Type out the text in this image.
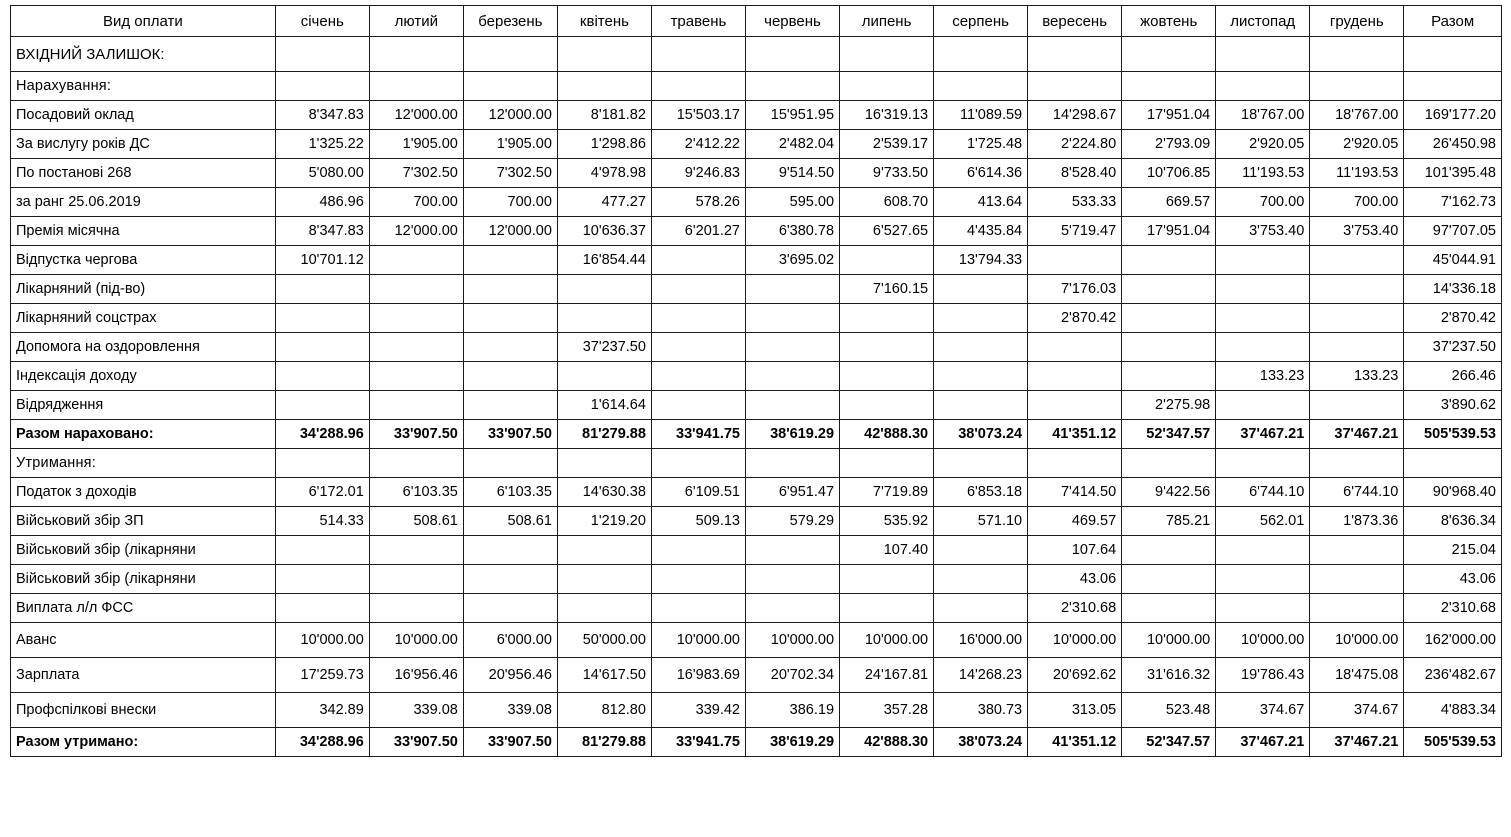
Вид оплати	січень	лютий	березень	квітень	травень	червень	липень	серпень	вересень	жовтень	листопад	грудень	Разом
ВХІДНИЙ ЗАЛИШОК:													
Нарахування:													
Посадовий оклад	8'347.83	12'000.00	12'000.00	8'181.82	15'503.17	15'951.95	16'319.13	11'089.59	14'298.67	17'951.04	18'767.00	18'767.00	169'177.20
За вислугу років ДС	1'325.22	1'905.00	1'905.00	1'298.86	2'412.22	2'482.04	2'539.17	1'725.48	2'224.80	2'793.09	2'920.05	2'920.05	26'450.98
По постанові 268	5'080.00	7'302.50	7'302.50	4'978.98	9'246.83	9'514.50	9'733.50	6'614.36	8'528.40	10'706.85	11'193.53	11'193.53	101'395.48
за ранг 25.06.2019	486.96	700.00	700.00	477.27	578.26	595.00	608.70	413.64	533.33	669.57	700.00	700.00	7'162.73
Премія місячна	8'347.83	12'000.00	12'000.00	10'636.37	6'201.27	6'380.78	6'527.65	4'435.84	5'719.47	17'951.04	3'753.40	3'753.40	97'707.05
Відпустка чергова	10'701.12			16'854.44		3'695.02		13'794.33					45'044.91
Лікарняний (під-во)							7'160.15		7'176.03				14'336.18
Лікарняний соцстрах									2'870.42				2'870.42
Допомога на оздоровлення				37'237.50									37'237.50
Індексація доходу											133.23	133.23	266.46
Відрядження				1'614.64						2'275.98			3'890.62
Разом нараховано:	34'288.96	33'907.50	33'907.50	81'279.88	33'941.75	38'619.29	42'888.30	38'073.24	41'351.12	52'347.57	37'467.21	37'467.21	505'539.53
Утримання:													
Податок з доходів	6'172.01	6'103.35	6'103.35	14'630.38	6'109.51	6'951.47	7'719.89	6'853.18	7'414.50	9'422.56	6'744.10	6'744.10	90'968.40
Військовий збір ЗП	514.33	508.61	508.61	1'219.20	509.13	579.29	535.92	571.10	469.57	785.21	562.01	1'873.36	8'636.34
Військовий збір (лікарняни							107.40		107.64				215.04
Військовий збір (лікарняни									43.06				43.06
Виплата л/л ФСС									2'310.68				2'310.68
Аванс	10'000.00	10'000.00	6'000.00	50'000.00	10'000.00	10'000.00	10'000.00	16'000.00	10'000.00	10'000.00	10'000.00	10'000.00	162'000.00
Зарплата	17'259.73	16'956.46	20'956.46	14'617.50	16'983.69	20'702.34	24'167.81	14'268.23	20'692.62	31'616.32	19'786.43	18'475.08	236'482.67
Профспілкові внески	342.89	339.08	339.08	812.80	339.42	386.19	357.28	380.73	313.05	523.48	374.67	374.67	4'883.34
Разом утримано:	34'288.96	33'907.50	33'907.50	81'279.88	33'941.75	38'619.29	42'888.30	38'073.24	41'351.12	52'347.57	37'467.21	37'467.21	505'539.53
